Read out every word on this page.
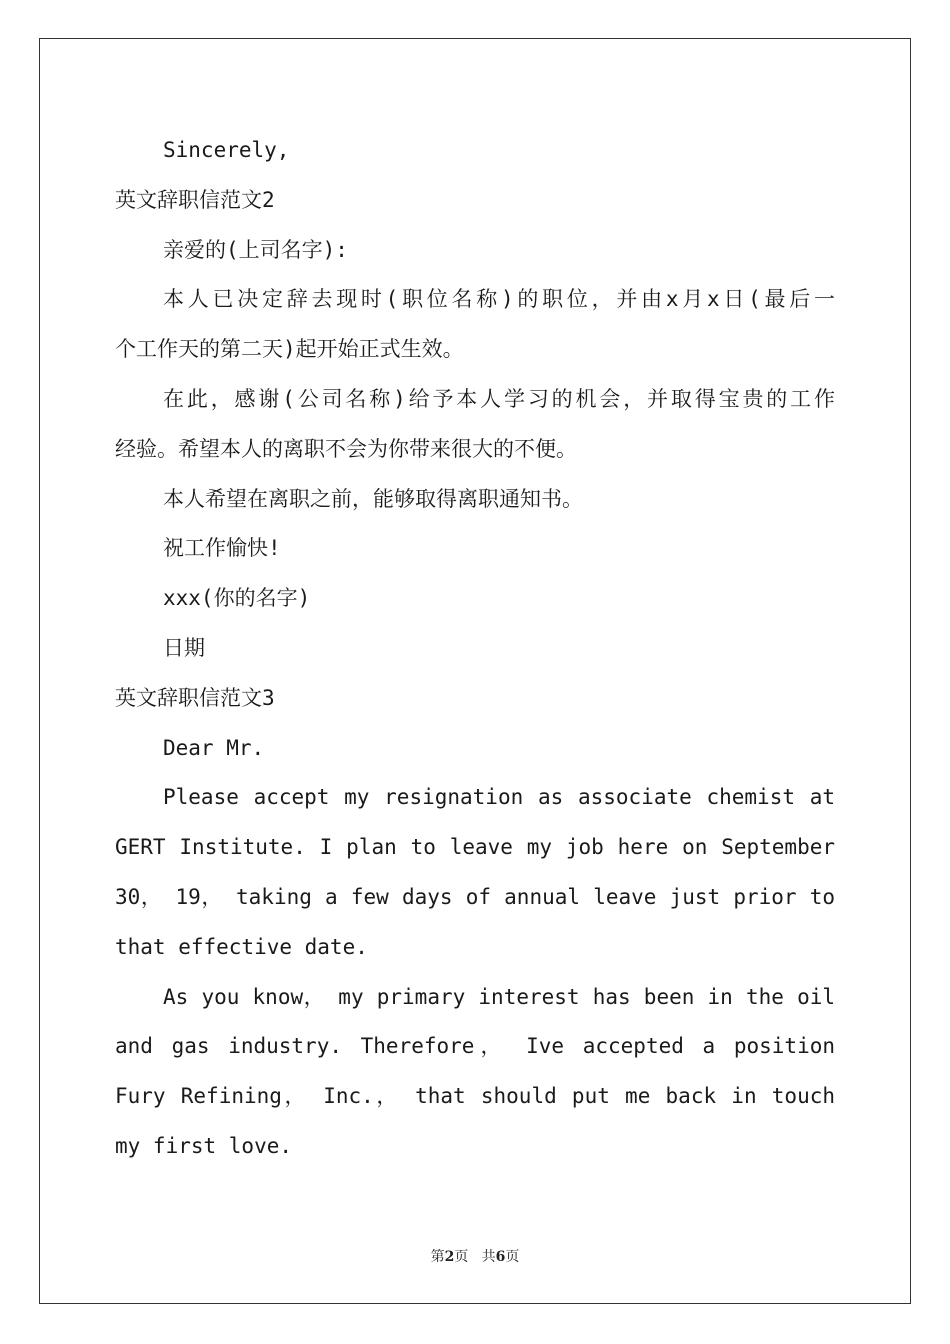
Sincerely,
英文辞职信范文2
亲爱的(上司名字):
本人已决定辞去现时(职位名称)的职位，并由x月x日(最后一
个工作天的第二天)起开始正式生效。
在此，感谢(公司名称)给予本人学习的机会，并取得宝贵的工作
经验。希望本人的离职不会为你带来很大的不便。
本人希望在离职之前，能够取得离职通知书。
祝工作愉快!
xxx(你的名字)
日期
英文辞职信范文3
Dear Mr.
Please accept my resignation as associate chemist at
GERT Institute. I plan to leave my job here on September
30， 19， taking a few days of annual leave just prior to
that effective date.
As you know， my primary interest has been in the oil
and gas industry. Therefore， Ive accepted a position
Fury Refining， Inc.， that should put me back in touch
my first love.
第2页 共6页
